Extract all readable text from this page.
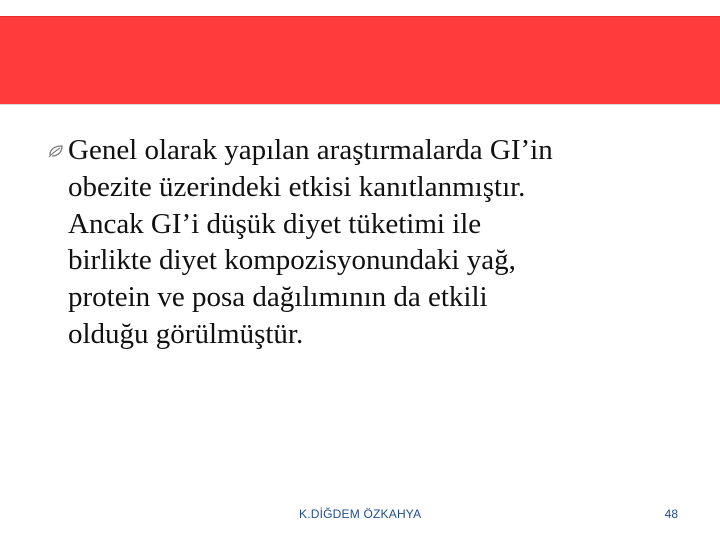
Genel olarak yapılan araştırmalarda GI’in
obezite üzerindeki etkisi kanıtlanmıştır.
Ancak GI’i düşük diyet tüketimi ile
birlikte diyet kompozisyonundaki yağ,
protein ve posa dağılımının da etkili
olduğu görülmüştür.

K.DİĞDEM ÖZKAHYA	48
